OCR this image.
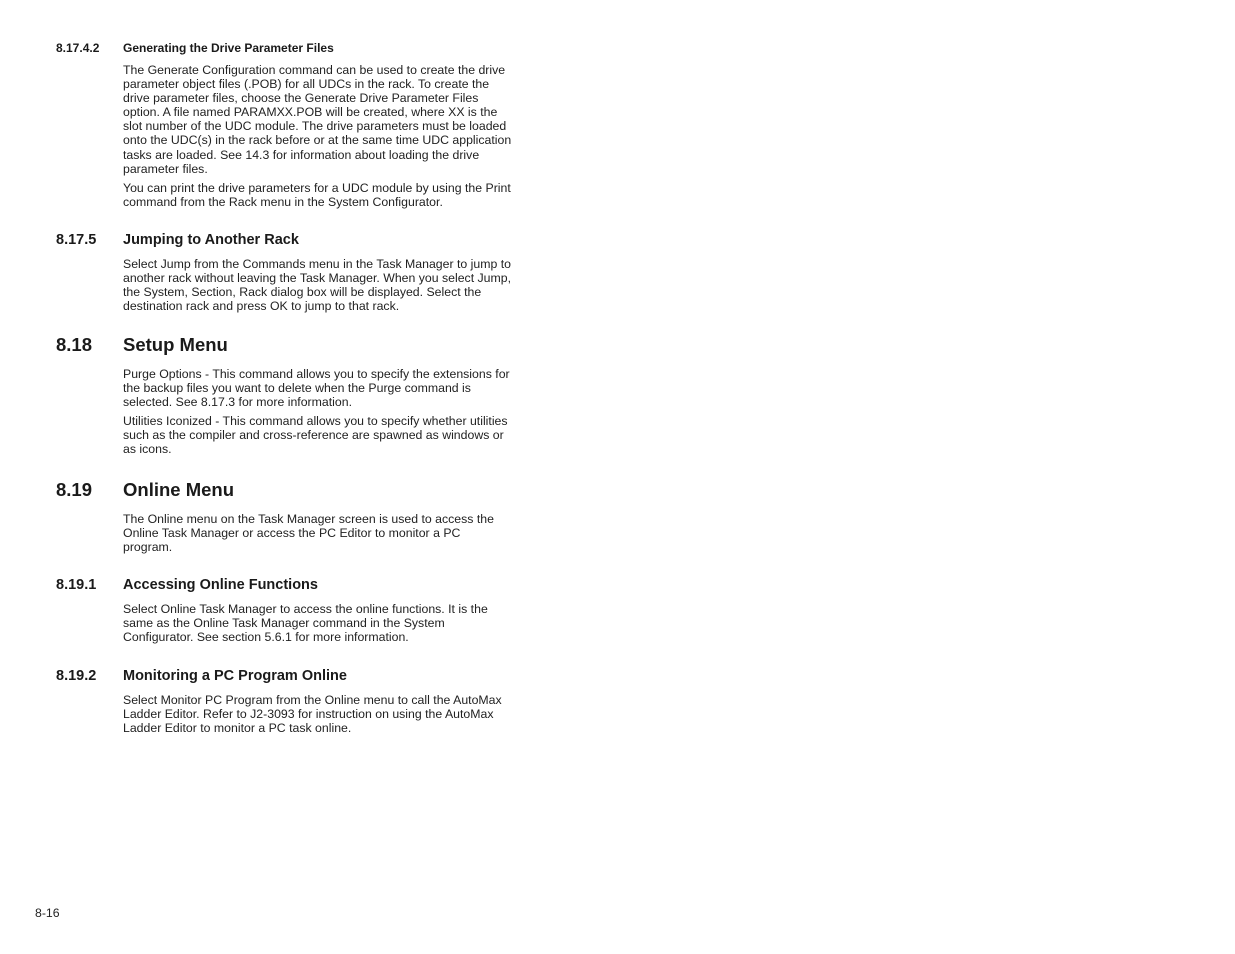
8.17.4.2 Generating the Drive Parameter Files

The Generate Configuration command can be used to create the drive parameter object files (.POB) for all UDCs in the rack. To create the drive parameter files, choose the Generate Drive Parameter Files option. A file named PARAMXX.POB will be created, where XX is the slot number of the UDC module. The drive parameters must be loaded onto the UDC(s) in the rack before or at the same time UDC application tasks are loaded. See 14.3 for information about loading the drive parameter files.

You can print the drive parameters for a UDC module by using the Print command from the Rack menu in the System Configurator.

8.17.5 Jumping to Another Rack

Select Jump from the Commands menu in the Task Manager to jump to another rack without leaving the Task Manager. When you select Jump, the System, Section, Rack dialog box will be displayed. Select the destination rack and press OK to jump to that rack.

8.18 Setup Menu

Purge Options - This command allows you to specify the extensions for the backup files you want to delete when the Purge command is selected. See 8.17.3 for more information.

Utilities Iconized - This command allows you to specify whether utilities such as the compiler and cross-reference are spawned as windows or as icons.

8.19 Online Menu

The Online menu on the Task Manager screen is used to access the Online Task Manager or access the PC Editor to monitor a PC program.

8.19.1 Accessing Online Functions

Select Online Task Manager to access the online functions. It is the same as the Online Task Manager command in the System Configurator. See section 5.6.1 for more information.

8.19.2 Monitoring a PC Program Online

Select Monitor PC Program from the Online menu to call the AutoMax Ladder Editor. Refer to J2-3093 for instruction on using the AutoMax Ladder Editor to monitor a PC task online.

8-16
